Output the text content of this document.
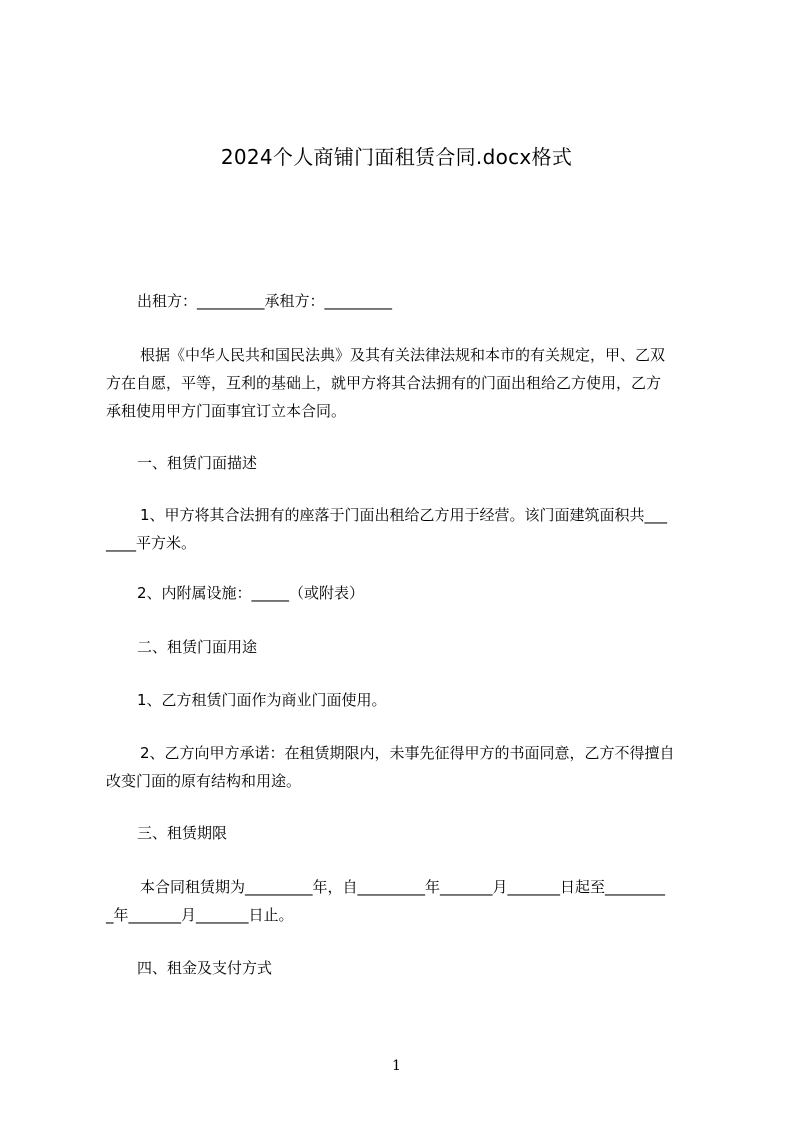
2024个人商铺门面租赁合同.docx格式
出租方：_________承租方：_________
根据《中华人民共和国民法典》及其有关法律法规和本市的有关规定，甲、乙双
方在自愿，平等，互利的基础上，就甲方将其合法拥有的门面出租给乙方使用，乙方
承租使用甲方门面事宜订立本合同。
一、租赁门面描述
1、甲方将其合法拥有的座落于门面出租给乙方用于经营。该门面建筑面积共___
____平方米。
2、内附属设施：_____（或附表）
二、租赁门面用途
1、乙方租赁门面作为商业门面使用。
2、乙方向甲方承诺：在租赁期限内，未事先征得甲方的书面同意，乙方不得擅自
改变门面的原有结构和用途。
三、租赁期限
本合同租赁期为_________年，自_________年_______月_______日起至________
_年_______月_______日止。
四、租金及支付方式
1
